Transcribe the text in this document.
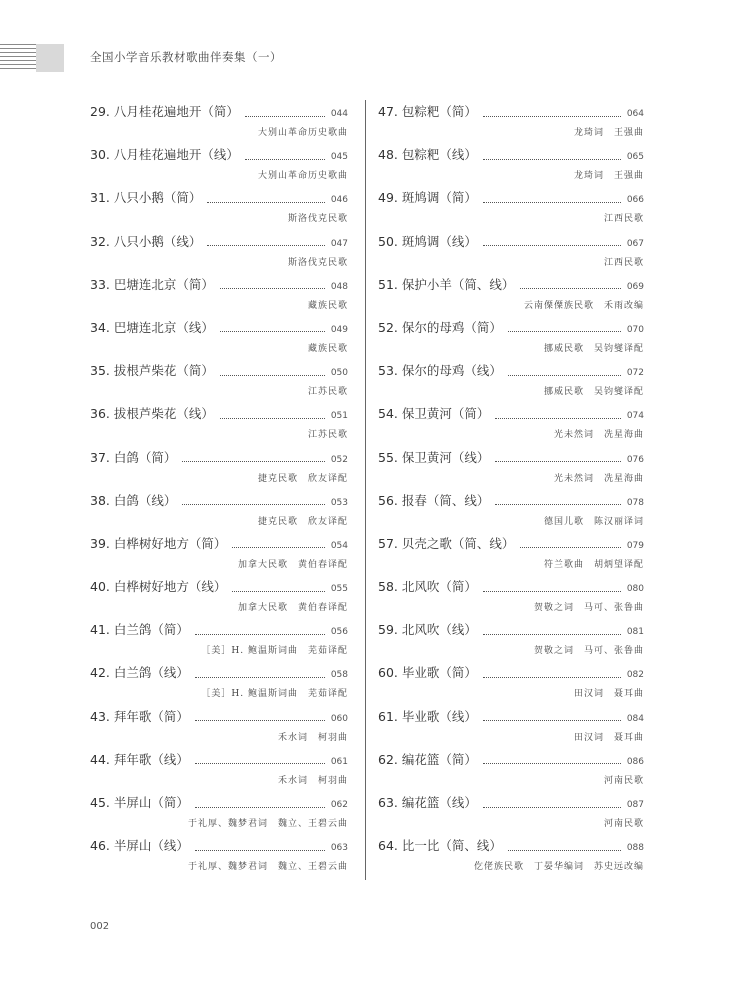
全国小学音乐教材歌曲伴奏集（一）
29. 八月桂花遍地开（简）	044
大别山革命历史歌曲
30. 八月桂花遍地开（线）	045
大别山革命历史歌曲
31. 八只小鹅（简）	046
斯洛伐克民歌
32. 八只小鹅（线）	047
斯洛伐克民歌
33. 巴塘连北京（简）	048
藏族民歌
34. 巴塘连北京（线）	049
藏族民歌
35. 拔根芦柴花（简）	050
江苏民歌
36. 拔根芦柴花（线）	051
江苏民歌
37. 白鸽（简）	052
捷克民歌　欣友译配
38. 白鸽（线）	053
捷克民歌　欣友译配
39. 白桦树好地方（简）	054
加拿大民歌　黄伯春译配
40. 白桦树好地方（线）	055
加拿大民歌　黄伯春译配
41. 白兰鸽（简）	056
［美］H. 鲍温斯词曲　芜茹译配
42. 白兰鸽（线）	058
［美］H. 鲍温斯词曲　芜茹译配
43. 拜年歌（简）	060
禾水词　柯羽曲
44. 拜年歌（线）	061
禾水词　柯羽曲
45. 半屏山（简）	062
于礼厚、魏梦君词　魏立、王碧云曲
46. 半屏山（线）	063
于礼厚、魏梦君词　魏立、王碧云曲
47. 包粽粑（简）	064
龙琦词　王强曲
48. 包粽粑（线）	065
龙琦词　王强曲
49. 斑鸠调（简）	066
江西民歌
50. 斑鸠调（线）	067
江西民歌
51. 保护小羊（简、线）	069
云南傈僳族民歌　禾雨改编
52. 保尔的母鸡（简）	070
挪威民歌　吴钧燮译配
53. 保尔的母鸡（线）	072
挪威民歌　吴钧燮译配
54. 保卫黄河（简）	074
光未然词　冼星海曲
55. 保卫黄河（线）	076
光未然词　冼星海曲
56. 报春（简、线）	078
德国儿歌　陈汉丽译词
57. 贝壳之歌（简、线）	079
符兰歌曲　胡炳望译配
58. 北风吹（简）	080
贺敬之词　马可、张鲁曲
59. 北风吹（线）	081
贺敬之词　马可、张鲁曲
60. 毕业歌（简）	082
田汉词　聂耳曲
61. 毕业歌（线）	084
田汉词　聂耳曲
62. 编花篮（简）	086
河南民歌
63. 编花篮（线）	087
河南民歌
64. 比一比（简、线）	088
仡佬族民歌　丁晏华编词　苏史远改编
002
